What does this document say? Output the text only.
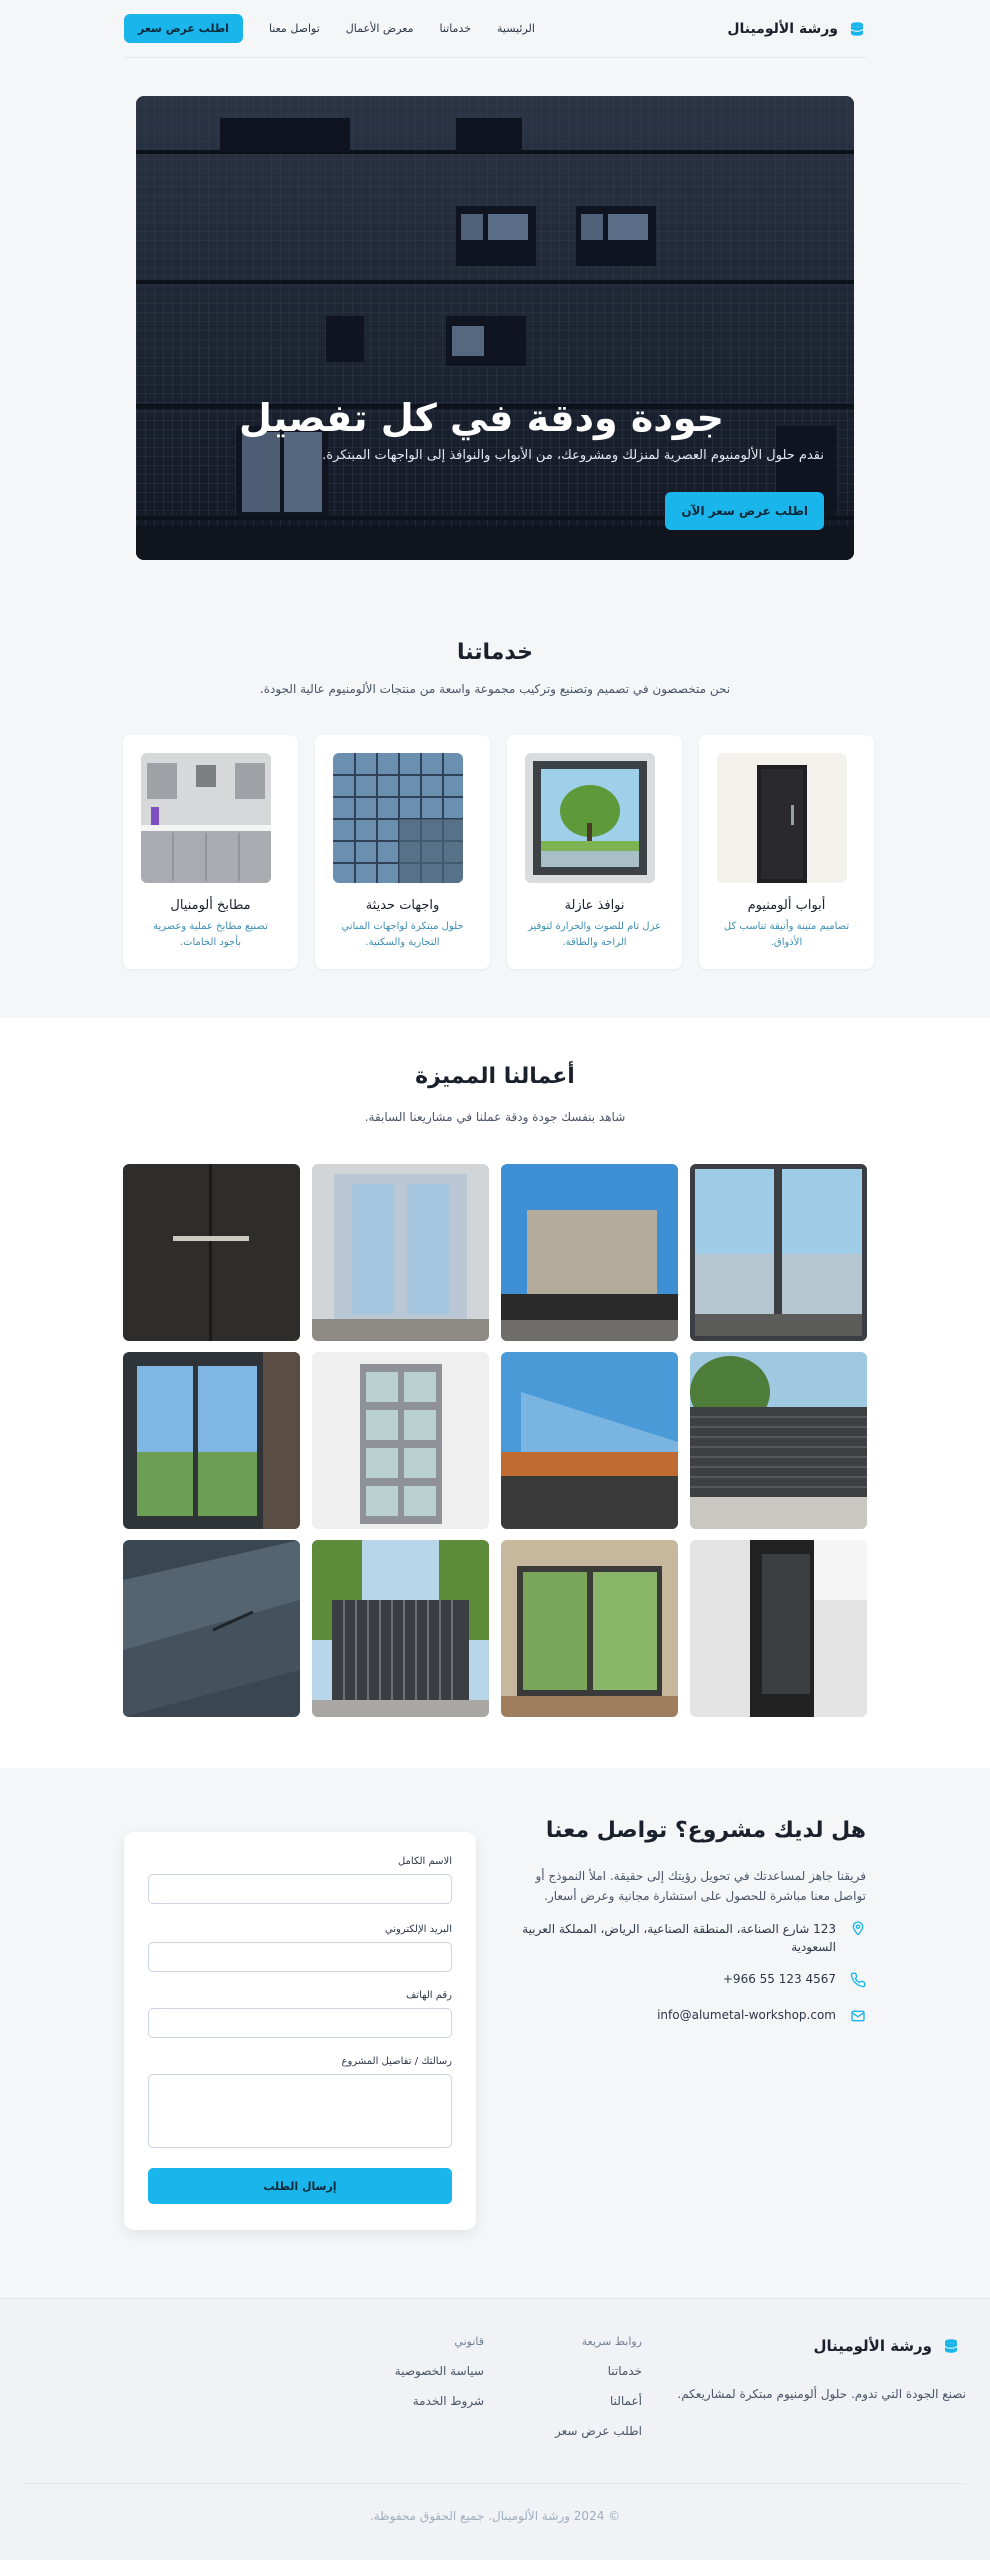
ورشة الألومينال
الرئيسية
خدماتنا
معرض الأعمال
تواصل معنا
اطلب عرض سعر
جودة ودقة في كل تفصيل
نقدم حلول الألومنيوم العصرية لمنزلك ومشروعك، من الأبواب والنوافذ إلى الواجهات المبتكرة.
اطلب عرض سعر الآن
خدماتنا
نحن متخصصون في تصميم وتصنيع وتركيب مجموعة واسعة من منتجات الألومنيوم عالية الجودة.
أبواب ألومنيوم
تصاميم متينة وأنيقة تناسب كل الأذواق.
نوافذ عازلة
عزل تام للصوت والحرارة لتوفير الراحة والطاقة.
واجهات حديثة
حلول مبتكرة لواجهات المباني التجارية والسكنية.
مطابخ ألومنيال
تصنيع مطابخ عملية وعصرية بأجود الخامات.
أعمالنا المميزة
شاهد بنفسك جودة ودقة عملنا في مشاريعنا السابقة.
هل لديك مشروع؟ تواصل معنا
فريقنا جاهز لمساعدتك في تحويل رؤيتك إلى حقيقة. املأ النموذج أو تواصل معنا مباشرة للحصول على استشارة مجانية وعرض أسعار.
123 شارع الصناعة، المنطقة الصناعية، الرياض، المملكة العربية السعودية
+966 55 123 4567
info@alumetal-workshop.com
الاسم الكامل
البريد الإلكتروني
رقم الهاتف
رسالتك / تفاصيل المشروع
إرسال الطلب
ورشة الألومينال
نصنع الجودة التي تدوم. حلول ألومنيوم مبتكرة لمشاريعكم.
روابط سريعة
خدماتنا
أعمالنا
اطلب عرض سعر
قانوني
سياسة الخصوصية
شروط الخدمة
© 2024 ورشة الألومينال. جميع الحقوق محفوظة.
